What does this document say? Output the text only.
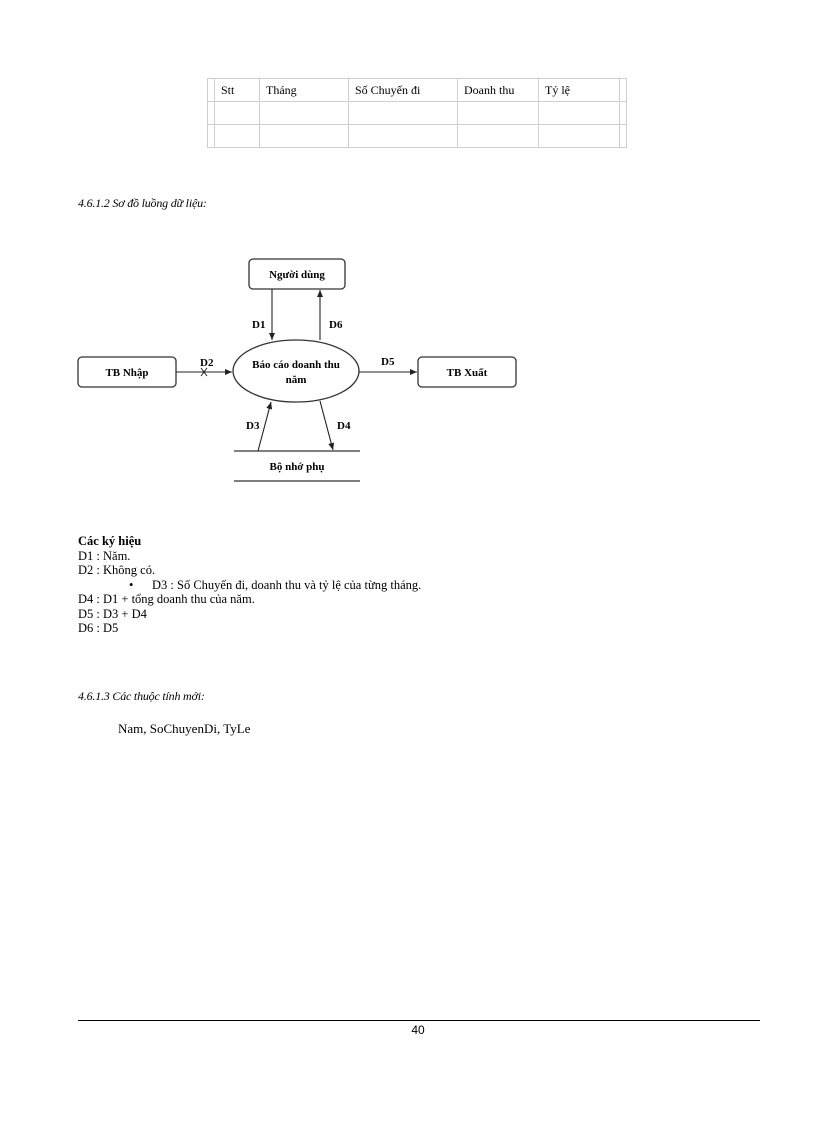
	Stt	Tháng	Số Chuyến đi	Doanh thu	Tỷ lệ	

4.6.1.2 Sơ đồ luồng dữ liệu:
Người dùng
TB Nhập	TB Xuất
Báo cáo doanh thu
năm
Bộ nhớ phụ
D1	D6
D2	D5
D3	D4
Các ký hiệu
D1 : Năm.
D2 : Không có.
• D3 : Số Chuyến đi, doanh thu và tỷ lệ của từng tháng.
D4 : D1 + tổng doanh thu của năm.
D5 : D3 + D4
D6 : D5
4.6.1.3 Các thuộc tính mới:
Nam, SoChuyenDi, TyLe
40
